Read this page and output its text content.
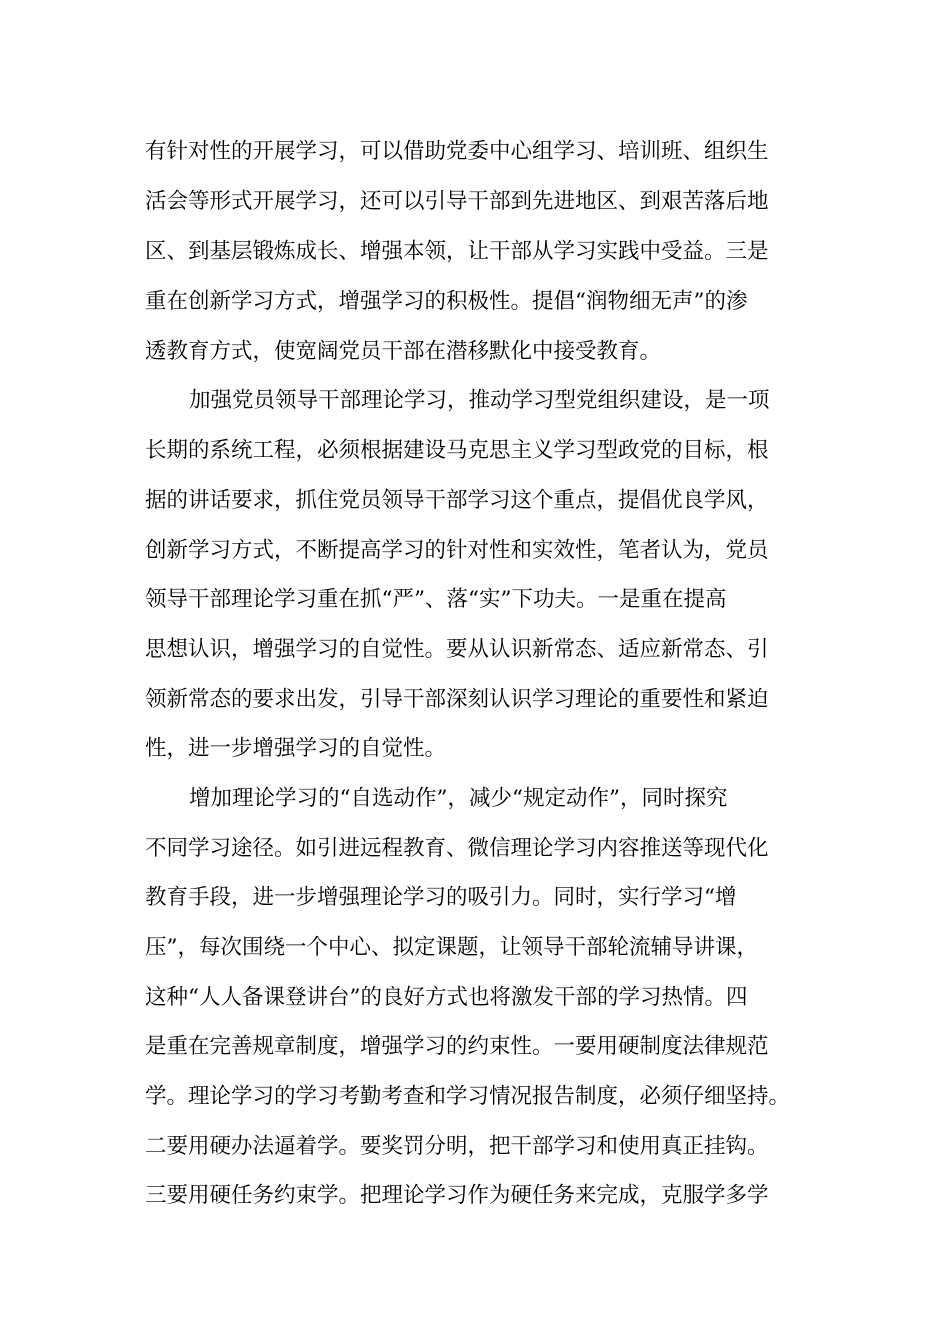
有针对性的开展学习，可以借助党委中心组学习、培训班、组织生

活会等形式开展学习，还可以引导干部到先进地区、到艰苦落后地

区、到基层锻炼成长、增强本领，让干部从学习实践中受益。三是

重在创新学习方式，增强学习的积极性。提倡“润物细无声”的渗

透教育方式，使宽阔党员干部在潜移默化中接受教育。

加强党员领导干部理论学习，推动学习型党组织建设，是一项

长期的系统工程，必须根据建设马克思主义学习型政党的目标，根

据的讲话要求，抓住党员领导干部学习这个重点，提倡优良学风，

创新学习方式，不断提高学习的针对性和实效性，笔者认为，党员

领导干部理论学习重在抓“严”、落“实”下功夫。一是重在提高

思想认识，增强学习的自觉性。要从认识新常态、适应新常态、引

领新常态的要求出发，引导干部深刻认识学习理论的重要性和紧迫

性，进一步增强学习的自觉性。

增加理论学习的“自选动作”，减少“规定动作”，同时探究

不同学习途径。如引进远程教育、微信理论学习内容推送等现代化

教育手段，进一步增强理论学习的吸引力。同时，实行学习“增

压”，每次围绕一个中心、拟定课题，让领导干部轮流辅导讲课，

这种“人人备课登讲台”的良好方式也将激发干部的学习热情。四

是重在完善规章制度，增强学习的约束性。一要用硬制度法律规范

学。理论学习的学习考勤考查和学习情况报告制度，必须仔细坚持。

二要用硬办法逼着学。要奖罚分明，把干部学习和使用真正挂钩。

三要用硬任务约束学。把理论学习作为硬任务来完成，克服学多学
